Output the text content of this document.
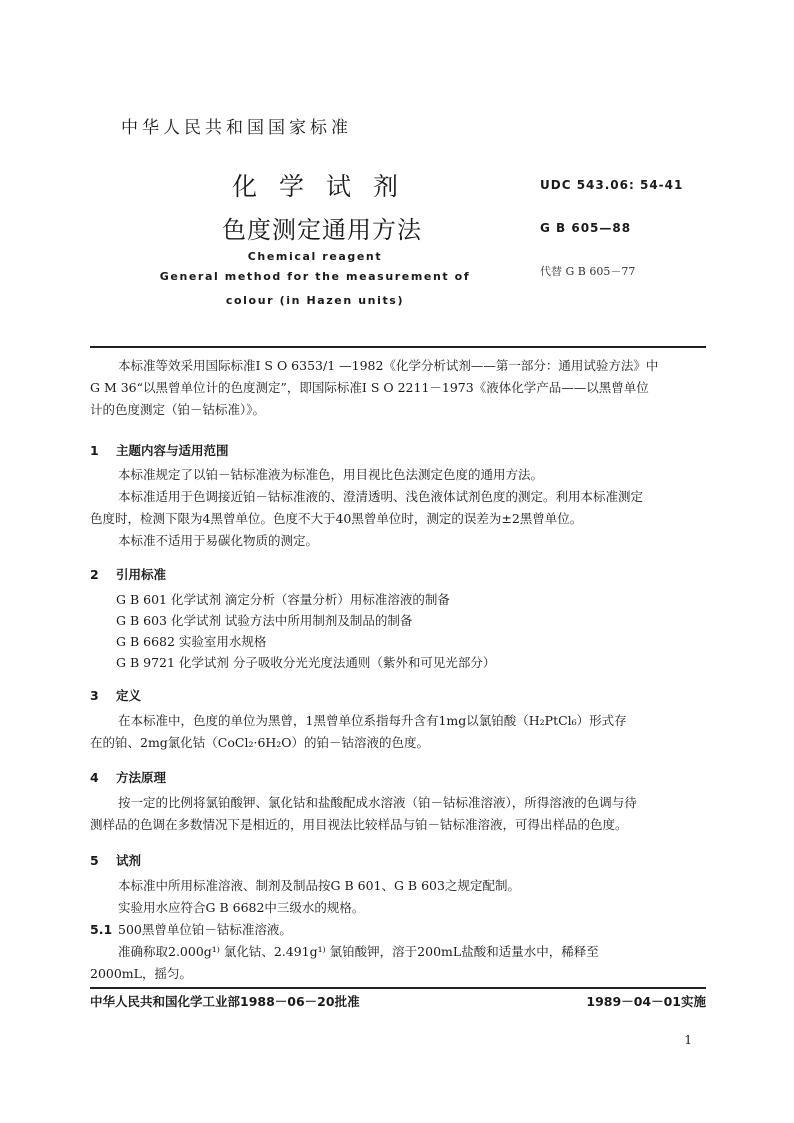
中华人民共和国国家标准
化学试剂
色度测定通用方法
Chemical reagent
General method for the measurement of
colour (in Hazen units)
UDC 543.06: 54-41
G B 605—88
代替 G B 605－77
本标准等效采用国际标准I S O 6353/1 —1982《化学分析试剂——第一部分：通用试验方法》中
G M 36“以黑曾单位计的色度测定”，即国际标准I S O 2211－1973《液体化学产品——以黑曾单位
计的色度测定（铂－钴标准）》。
1 主题内容与适用范围
本标准规定了以铂－钴标准液为标准色，用目视比色法测定色度的通用方法。
本标准适用于色调接近铂－钴标准液的、澄清透明、浅色液体试剂色度的测定。利用本标准测定
色度时，检测下限为4黑曾单位。色度不大于40黑曾单位时，测定的误差为±2黑曾单位。
本标准不适用于易碳化物质的测定。
2 引用标准
G B 601 化学试剂 滴定分析（容量分析）用标准溶液的制备
G B 603 化学试剂 试验方法中所用制剂及制品的制备
G B 6682 实验室用水规格
G B 9721 化学试剂 分子吸收分光光度法通则（紫外和可见光部分）
3 定义
在本标准中，色度的单位为黑曾，1黑曾单位系指每升含有1mg以氯铂酸（H₂PtCl₆）形式存
在的铂、2mg氯化钴（CoCl₂·6H₂O）的铂－钴溶液的色度。
4 方法原理
按一定的比例将氯铂酸钾、氯化钴和盐酸配成水溶液（铂－钴标准溶液），所得溶液的色调与待
测样品的色调在多数情况下是相近的，用目视法比较样品与铂－钴标准溶液，可得出样品的色度。
5 试剂
本标准中所用标准溶液、制剂及制品按G B 601、G B 603之规定配制。
实验用水应符合G B 6682中三级水的规格。
5.1 500黑曾单位铂－钴标准溶液。
准确称取2.000g¹⁾ 氯化钴、2.491g¹⁾ 氯铂酸钾，溶于200mL盐酸和适量水中，稀释至
2000mL，摇匀。
中华人民共和国化学工业部1988－06－20批准	1989－04－01实施
1
